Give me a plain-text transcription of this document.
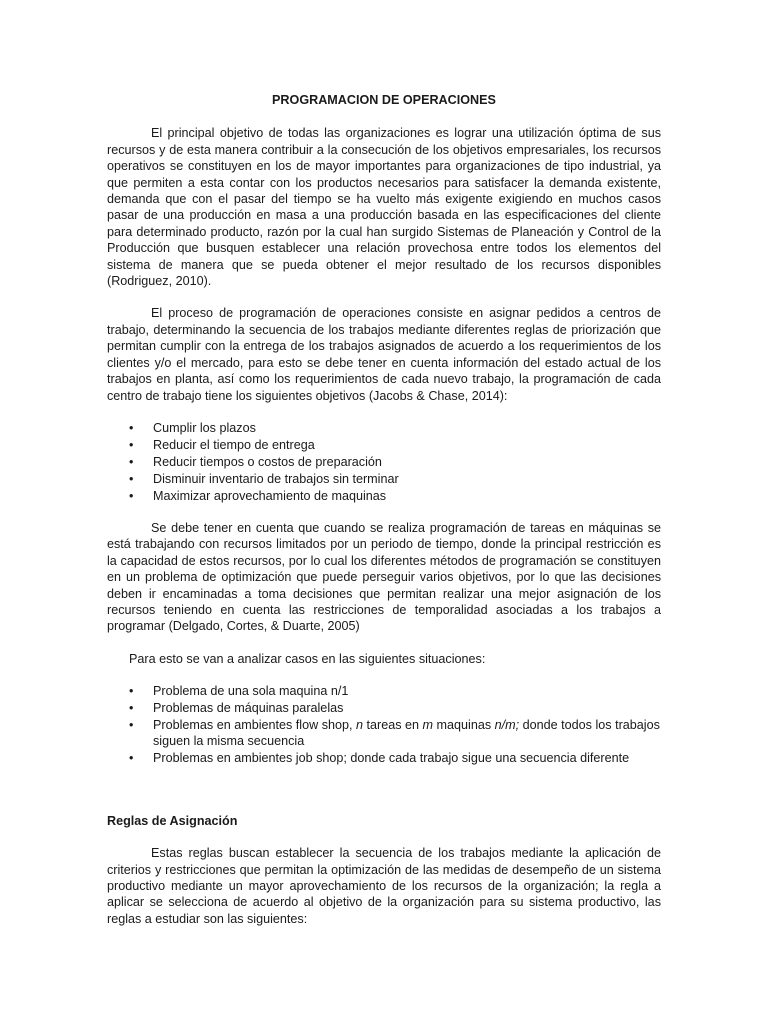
PROGRAMACION DE OPERACIONES

El principal objetivo de todas las organizaciones es lograr una utilización óptima de sus recursos y de esta manera contribuir a la consecución de los objetivos empresariales, los recursos operativos se constituyen en los de mayor importantes para organizaciones de tipo industrial, ya que permiten a esta contar con los productos necesarios para satisfacer la demanda existente, demanda que con el pasar del tiempo se ha vuelto más exigente exigiendo en muchos casos pasar de una producción en masa a una producción basada en las especificaciones del cliente para determinado producto, razón por la cual han surgido Sistemas de Planeación y Control de la Producción que busquen establecer una relación provechosa entre todos los elementos del sistema de manera que se pueda obtener el mejor resultado de los recursos disponibles (Rodriguez, 2010).

El proceso de programación de operaciones consiste en asignar pedidos a centros de trabajo, determinando la secuencia de los trabajos mediante diferentes reglas de priorización que permitan cumplir con la entrega de los trabajos asignados de acuerdo a los requerimientos de los clientes y/o el mercado, para esto se debe tener en cuenta información del estado actual de los trabajos en planta, así como los requerimientos de cada nuevo trabajo, la programación de cada centro de trabajo tiene los siguientes objetivos (Jacobs & Chase, 2014):

• Cumplir los plazos
• Reducir el tiempo de entrega
• Reducir tiempos o costos de preparación
• Disminuir inventario de trabajos sin terminar
• Maximizar aprovechamiento de maquinas

Se debe tener en cuenta que cuando se realiza programación de tareas en máquinas se está trabajando con recursos limitados por un periodo de tiempo, donde la principal restricción es la capacidad de estos recursos, por lo cual los diferentes métodos de programación se constituyen en un problema de optimización que puede perseguir varios objetivos, por lo que las decisiones deben ir encaminadas a toma decisiones que permitan realizar una mejor asignación de los recursos teniendo en cuenta las restricciones de temporalidad asociadas a los trabajos a programar (Delgado, Cortes, & Duarte, 2005)

Para esto se van a analizar casos en las siguientes situaciones:

• Problema de una sola maquina n/1
• Problemas de máquinas paralelas
• Problemas en ambientes flow shop, n tareas en m maquinas n/m; donde todos los trabajos siguen la misma secuencia
• Problemas en ambientes job shop; donde cada trabajo sigue una secuencia diferente
Reglas de Asignación

Estas reglas buscan establecer la secuencia de los trabajos mediante la aplicación de criterios y restricciones que permitan la optimización de las medidas de desempeño de un sistema productivo mediante un mayor aprovechamiento de los recursos de la organización; la regla a aplicar se selecciona de acuerdo al objetivo de la organización para su sistema productivo, las reglas a estudiar son las siguientes:
